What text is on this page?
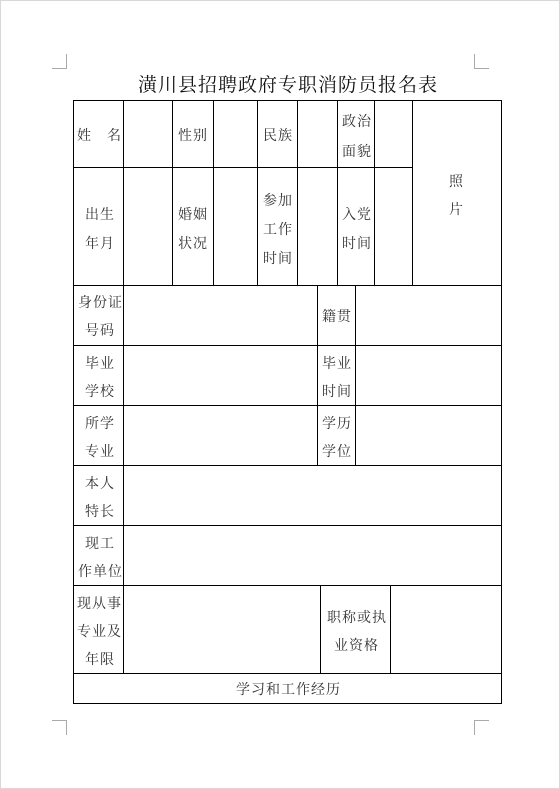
潢川县招聘政府专职消防员报名表
姓　名	性别	民族
政治
面貌
照
片
出生
年月
婚姻
状况
参加
工作
时间
入党
时间
身份证
号码
籍贯
毕业
学校
毕业
时间
所学
专业
学历
学位
本人
特长
现工
作单位
现从事
专业及
年限
职称或执
业资格
学习和工作经历
